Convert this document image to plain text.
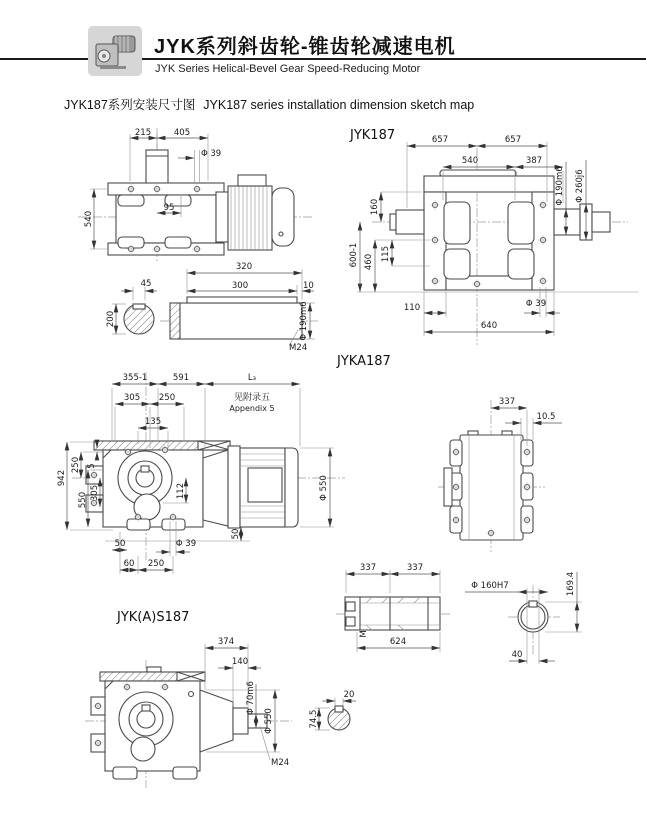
JYK系列斜齿轮-锥齿轮减速电机
JYK Series Helical-Bevel Gear Speed-Reducing Motor
JYK187系列安装尺寸图 JYK187 series installation dimension sketch map
215	405
Φ 39
95
540
45
200
320
300	10
Φ 190m6
M24
JYK187	657	657
540	387
Φ 190m6 Φ 260j6
160
600-1 460 115
110
640
Φ 39
JYKA187
355-1	591	L₃
见附录五
Appendix 5
305 250
135
942
250
550
5
305	112	Φ 550
50	Φ 39
50
60 250
337
10.5
M
337	337
624
Φ 160H7	169.4
40
JYK(A)S187
374
140
Φ 70m6
Φ 550
M24
20
74.5
